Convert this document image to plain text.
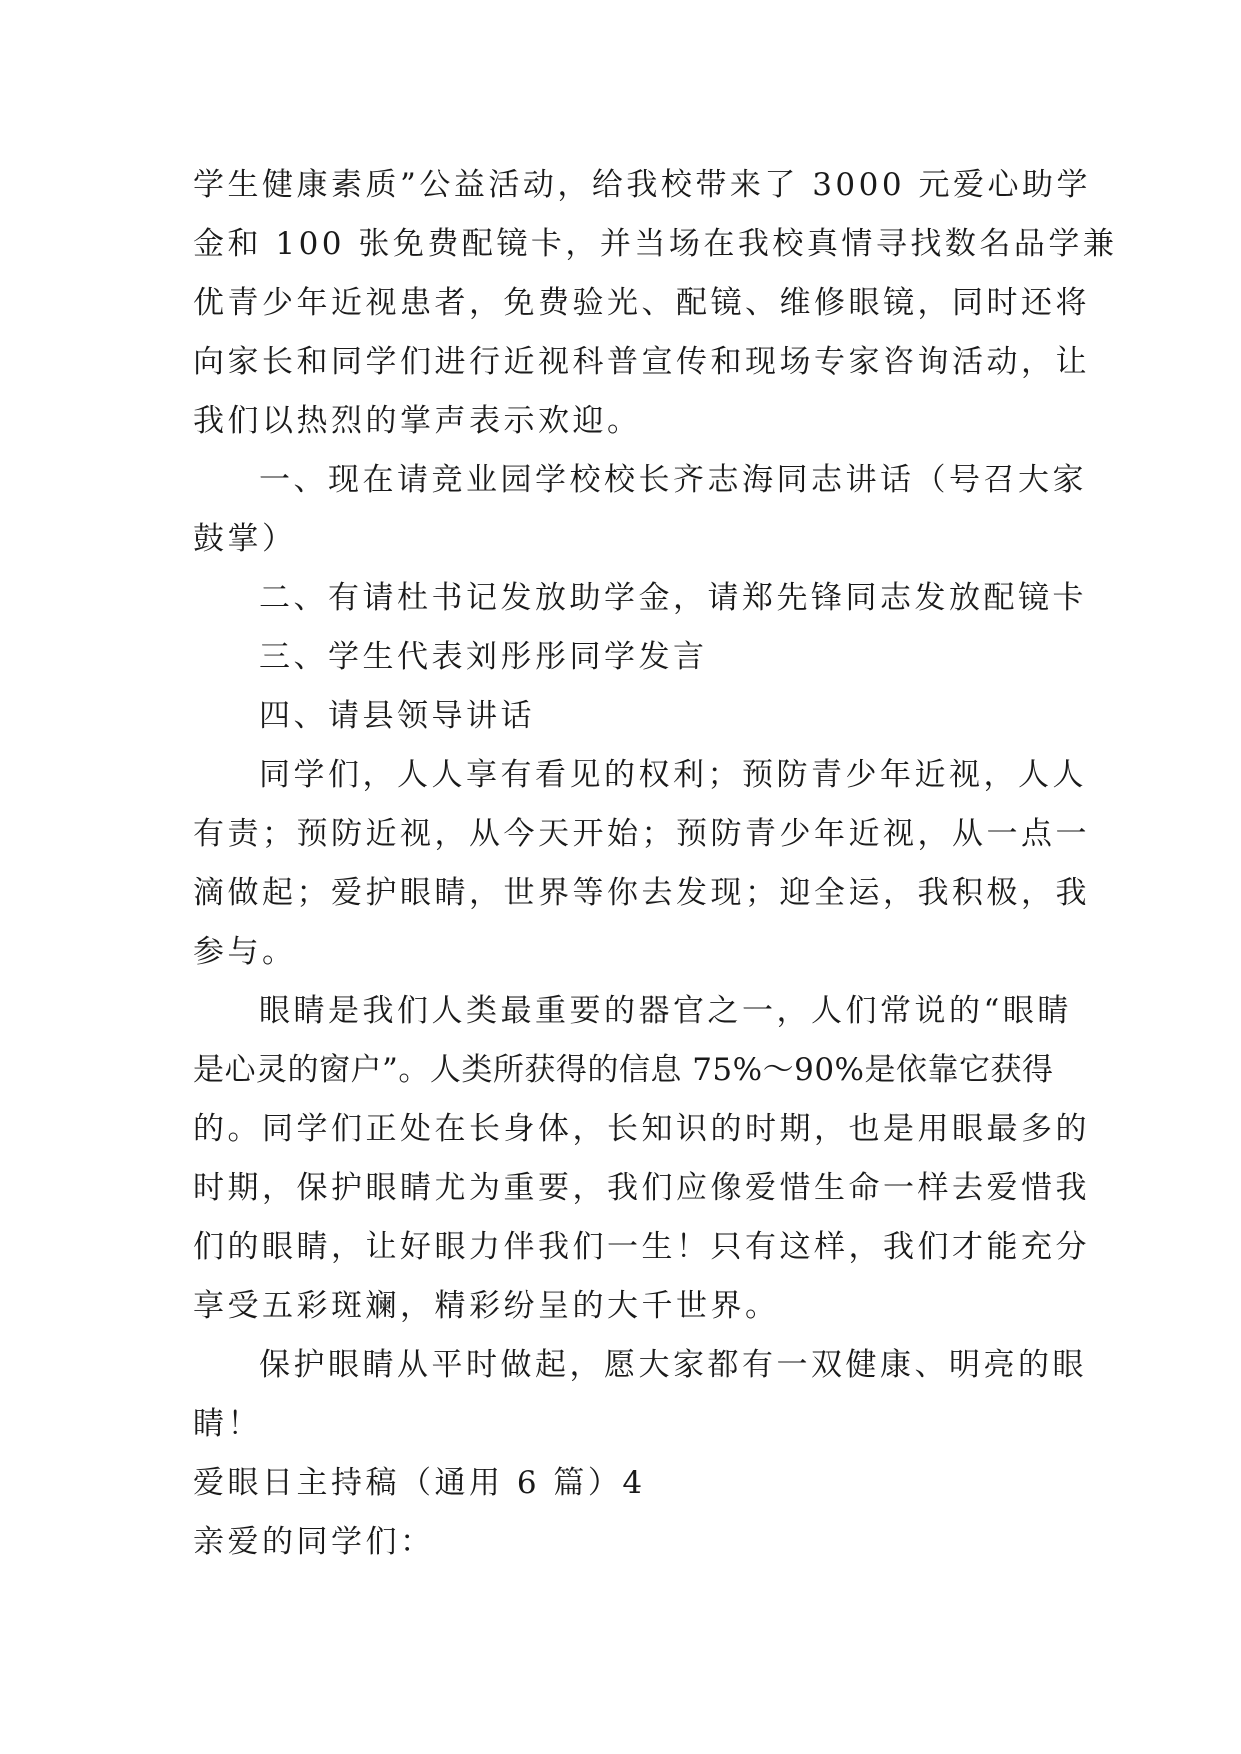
学生健康素质”公益活动，给我校带来了 3000 元爱心助学

金和 100 张免费配镜卡，并当场在我校真情寻找数名品学兼

优青少年近视患者，免费验光、配镜、维修眼镜，同时还将

向家长和同学们进行近视科普宣传和现场专家咨询活动，让

我们以热烈的掌声表示欢迎。

一、现在请竞业园学校校长齐志海同志讲话（号召大家

鼓掌）

二、有请杜书记发放助学金，请郑先锋同志发放配镜卡

三、学生代表刘彤彤同学发言

四、请县领导讲话

同学们，人人享有看见的权利；预防青少年近视，人人

有责；预防近视，从今天开始；预防青少年近视，从一点一

滴做起；爱护眼睛，世界等你去发现；迎全运，我积极，我

参与。

眼睛是我们人类最重要的器官之一，人们常说的“眼睛

是心灵的窗户”。人类所获得的信息 75%～90%是依靠它获得

的。同学们正处在长身体，长知识的时期，也是用眼最多的

时期，保护眼睛尤为重要，我们应像爱惜生命一样去爱惜我

们的眼睛，让好眼力伴我们一生！只有这样，我们才能充分

享受五彩斑斓，精彩纷呈的大千世界。

保护眼睛从平时做起，愿大家都有一双健康、明亮的眼

睛！

爱眼日主持稿（通用 6 篇）4

亲爱的同学们：
